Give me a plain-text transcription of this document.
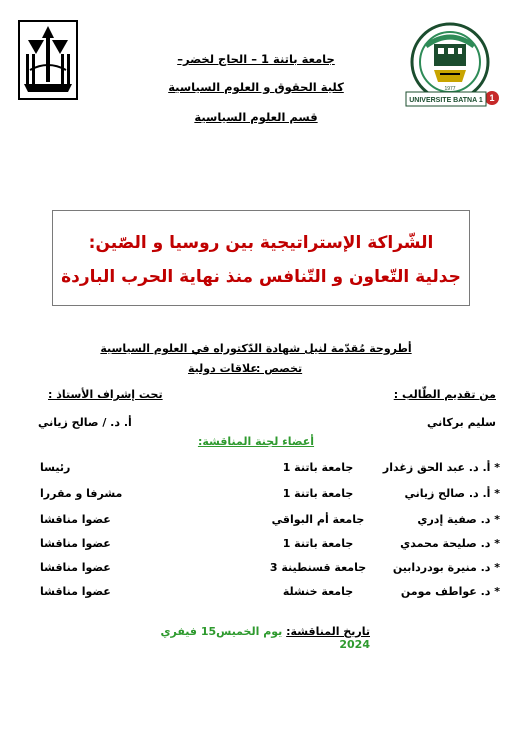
UNIVERSITE BATNA 1 1
1977
جامعة باتنة 1 – الحاج لخضر–
كلية الحقوق و العلوم السياسية
قسم العلوم السياسية
الشّراكة الإستراتيجية بين روسيا و الصّين:
جدلية التّعاون و التّنافس منذ نهاية الحرب الباردة
أطروحة مُقدّمة لنيل شهادة الدّكتوراه في العلوم السياسية
تخصص :
علاقات دولية
من تقديم الطّالب :
تحت إشراف الأستاذ :
سليم بركاني
أ. د. / صالح زياني
أعضاء لجنة المناقشة:
* أ. د. عبد الحق زغدار
جامعة باتنة 1
رئيسا
* أ. د. صالح زياني
جامعة باتنة 1
مشرفا و مقررا
* د. صفية إدري
جامعة أم البواقي
عضوا مناقشا
* د. صليحة محمدي
جامعة باتنة 1
عضوا مناقشا
* د. منيرة بودردابين
جامعة قسنطينة 3
عضوا مناقشا
* د. عواطف مومن
جامعة خنشلة
عضوا مناقشا
تاريخ المناقشة: يوم الخميس15 فيفري 2024
